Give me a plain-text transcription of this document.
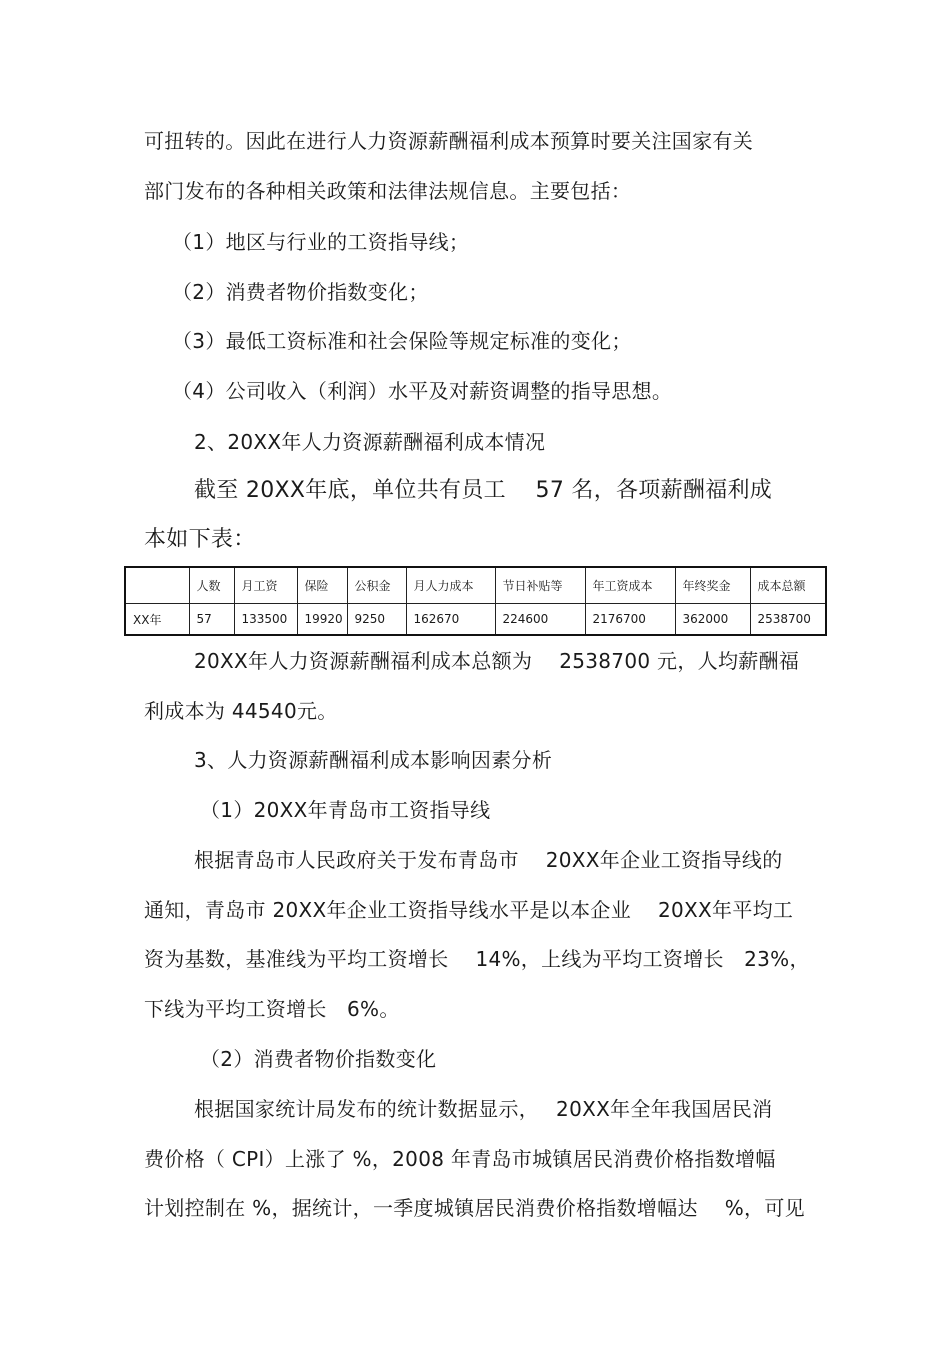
可扭转的。因此在进行人力资源薪酬福利成本预算时要关注国家有关
部门发布的各种相关政策和法律法规信息。主要包括：
（1）地区与行业的工资指导线；
（2）消费者物价指数变化；
（3）最低工资标准和社会保险等规定标准的变化；
（4）公司收入（利润）水平及对薪资调整的指导思想。
2、20XX年人力资源薪酬福利成本情况
截至 20XX年底，单位共有员工　 57 名，各项薪酬福利成
本如下表：
	人数	月工资	保险	公积金	月人力成本	节日补贴等	年工资成本	年终奖金	成本总额
XX年	57	133500	19920	9250	162670	224600	2176700	362000	2538700
20XX年人力资源薪酬福利成本总额为　 2538700 元，人均薪酬福
利成本为 44540元。
3、人力资源薪酬福利成本影响因素分析
（1）20XX年青岛市工资指导线
根据青岛市人民政府关于发布青岛市　 20XX年企业工资指导线的
通知，青岛市 20XX年企业工资指导线水平是以本企业　 20XX年平均工
资为基数，基准线为平均工资增长　 14%，上线为平均工资增长　23%，
下线为平均工资增长　6%。
（2）消费者物价指数变化
根据国家统计局发布的统计数据显示，　 20XX年全年我国居民消
费价格（ CPI）上涨了 %，2008 年青岛市城镇居民消费价格指数增幅
计划控制在 %，据统计，一季度城镇居民消费价格指数增幅达　 %，可见
